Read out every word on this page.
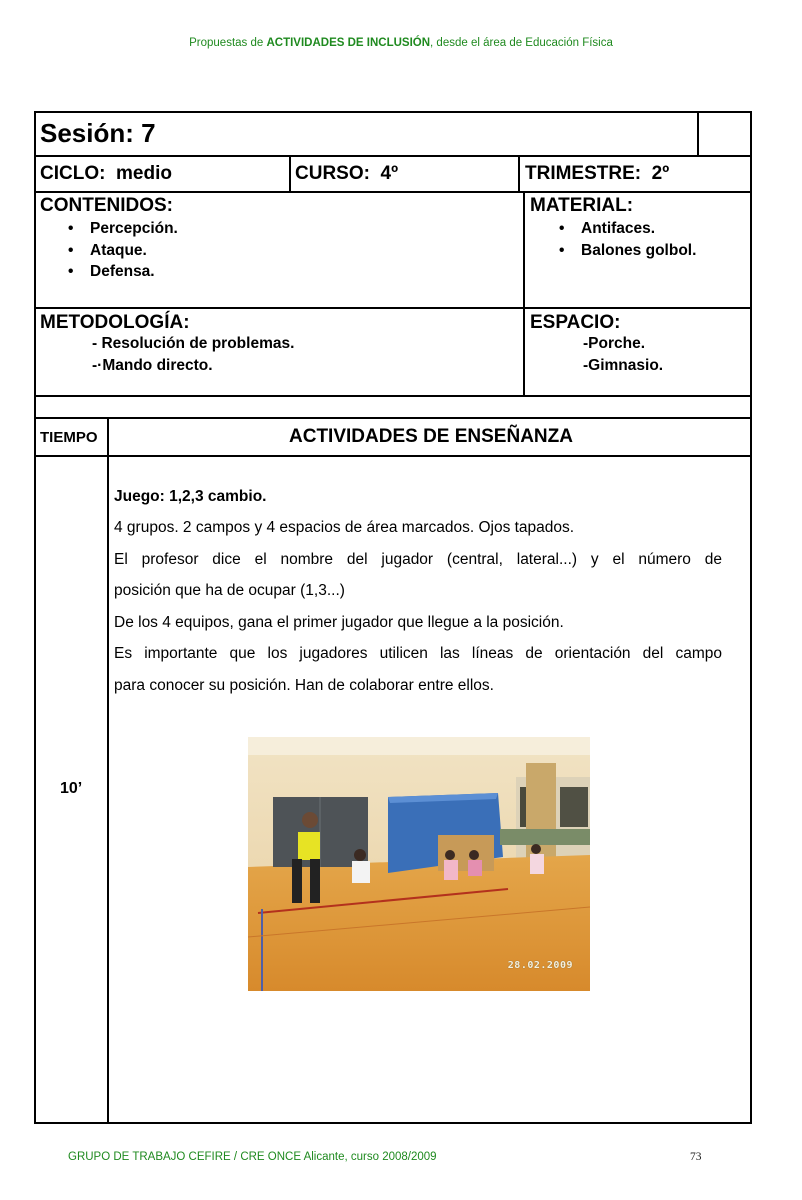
Propuestas de ACTIVIDADES DE INCLUSIÓN, desde el área de Educación Física
Sesión: 7
CICLO: medio	CURSO: 4º	TRIMESTRE: 2º
CONTENIDOS:
• Percepción.
• Ataque.
• Defensa.
MATERIAL:
• Antifaces.
• Balones golbol.
METODOLOGÍA:
- Resolución de problemas.
-·Mando directo.
ESPACIO:
-Porche.
-Gimnasio.
TIEMPO	ACTIVIDADES DE ENSEÑANZA
10’
Juego: 1,2,3 cambio.
4 grupos. 2 campos y 4 espacios de área marcados. Ojos tapados.
El profesor dice el nombre del jugador (central, lateral...) y el número de
posición que ha de ocupar (1,3...)
De los 4 equipos, gana el primer jugador que llegue a la posición.
Es importante que los jugadores utilicen las líneas de orientación del campo
para conocer su posición. Han de colaborar entre ellos.
28.02.2009
GRUPO DE TRABAJO CEFIRE / CRE ONCE Alicante, curso 2008/2009	73
